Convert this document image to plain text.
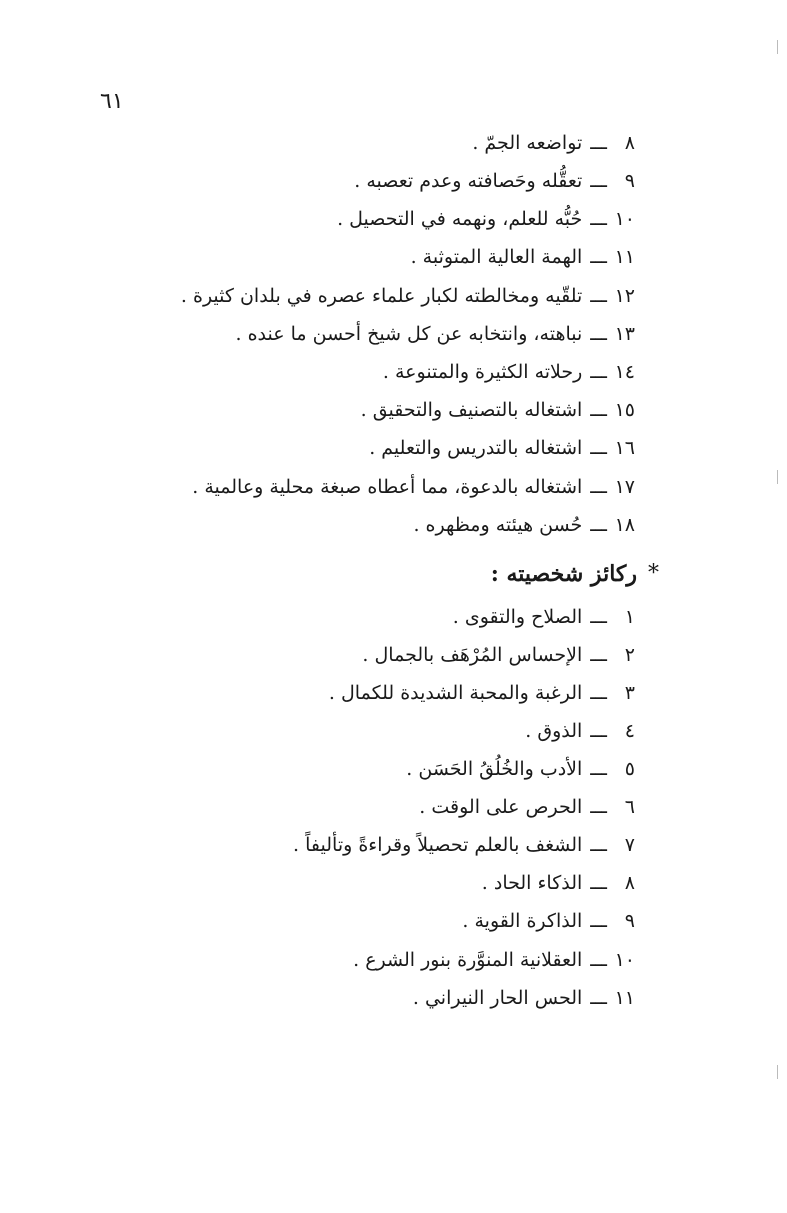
٦١
٨ـــتواضعه الجمّ .
٩ـــتعقُّله وحَصافته وعدم تعصبه .
١٠ـــحُبُّه للعلم، ونهمه في التحصيل .
١١ـــالهمة العالية المتوثبة .
١٢ـــتلقّيه ومخالطته لكبار علماء عصره في بلدان كثيرة .
١٣ـــنباهته، وانتخابه عن كل شيخ أحسن ما عنده .
١٤ـــرحلاته الكثيرة والمتنوعة .
١٥ـــاشتغاله بالتصنيف والتحقيق .
١٦ـــاشتغاله بالتدريس والتعليم .
١٧ـــاشتغاله بالدعوة، مما أعطاه صبغة محلية وعالمية .
١٨ـــحُسن هيئته ومظهره .
*
ركائز شخصيته :
١ـــالصلاح والتقوى .
٢ـــالإحساس المُرْهَف بالجمال .
٣ـــالرغبة والمحبة الشديدة للكمال .
٤ـــالذوق .
٥ـــالأدب والخُلُقُ الحَسَن .
٦ـــالحرص على الوقت .
٧ـــالشغف بالعلم تحصيلاً وقراءةً وتأليفاً .
٨ـــالذكاء الحاد .
٩ـــالذاكرة القوية .
١٠ـــالعقلانية المنوَّرة بنور الشرع .
١١ـــالحس الحار النيراني .
